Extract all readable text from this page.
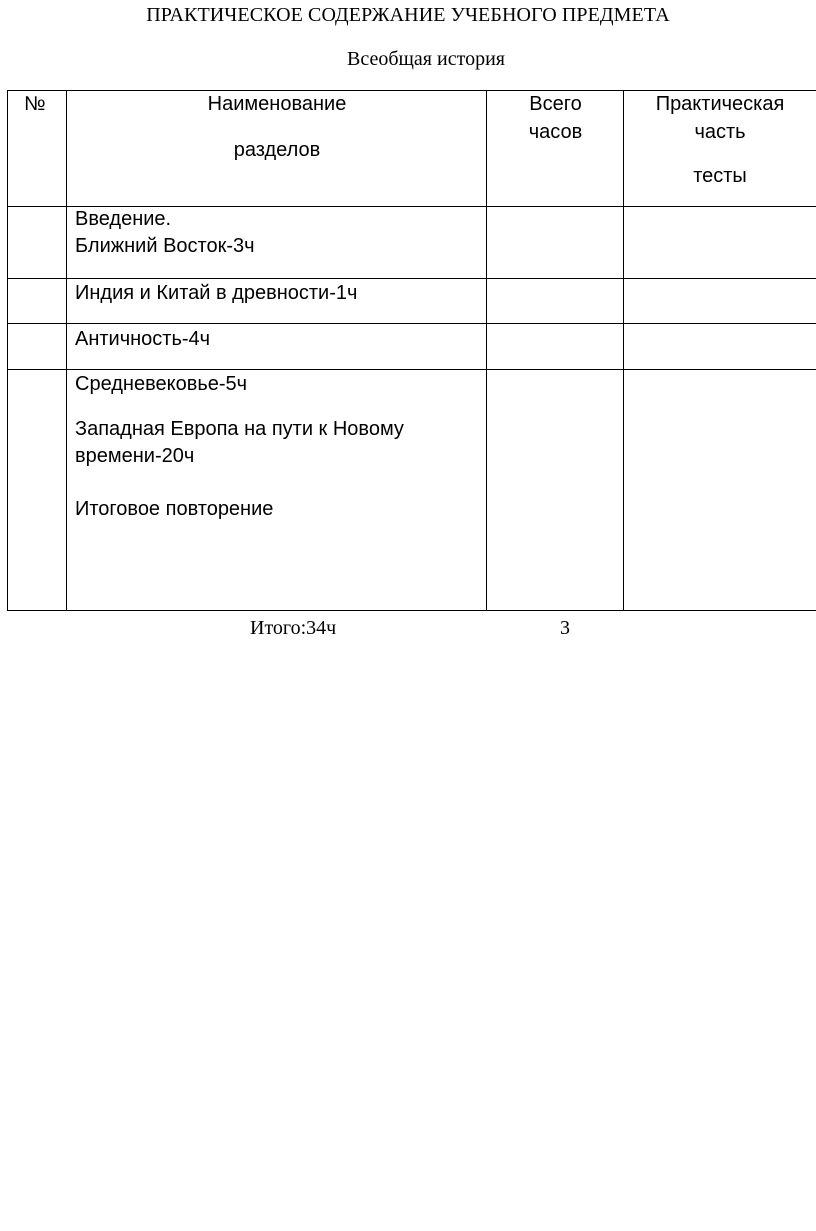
ПРАКТИЧЕСКОЕ СОДЕРЖАНИЕ УЧЕБНОГО ПРЕДМЕТА
Всеобщая история
№	Наименование
разделов
Всего
часов
Практическая
часть
тесты
Введение.
Ближний Восток-3ч
Индия и Китай в древности-1ч
Античность-4ч
Средневековье-5ч
Западная Европа на пути к Новому
времени-20ч
Итоговое повторение
Итого:34ч	3
